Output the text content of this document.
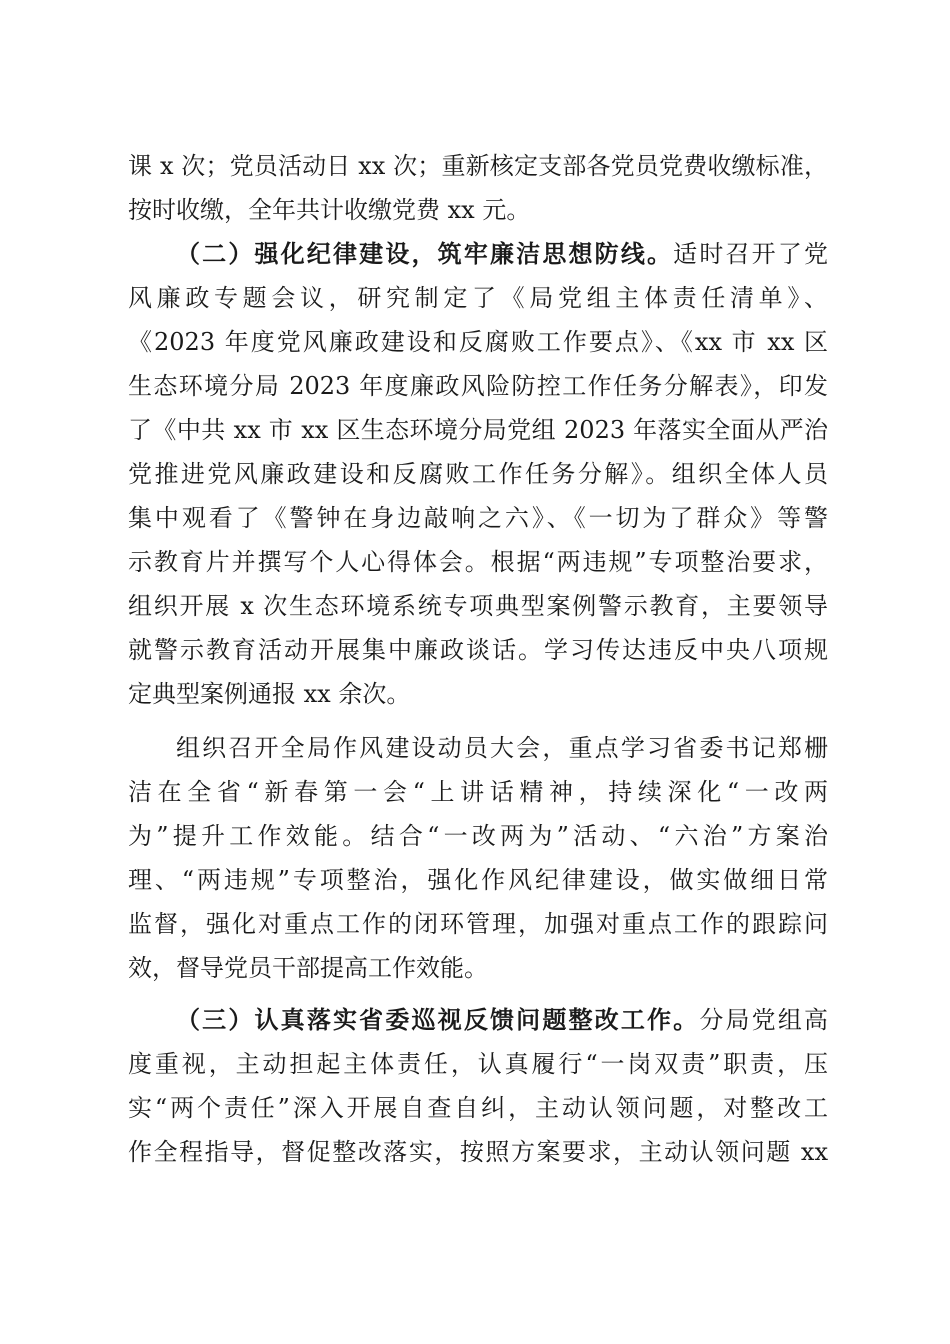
课 x 次；党员活动日 xx 次；重新核定支部各党员党费收缴标准，
按时收缴，全年共计收缴党费 xx 元。
（二）强化纪律建设，筑牢廉洁思想防线。适时召开了党
风廉政专题会议，研究制定了《局党组主体责任清单》、
《2023 年度党风廉政建设和反腐败工作要点》、《xx 市 xx 区
生态环境分局 2023 年度廉政风险防控工作任务分解表》，印发
了《中共 xx 市 xx 区生态环境分局党组 2023 年落实全面从严治
党推进党风廉政建设和反腐败工作任务分解》。组织全体人员
集中观看了《警钟在身边敲响之六》、《一切为了群众》等警
示教育片并撰写个人心得体会。根据“两违规”专项整治要求，
组织开展 x 次生态环境系统专项典型案例警示教育，主要领导
就警示教育活动开展集中廉政谈话。学习传达违反中央八项规
定典型案例通报 xx 余次。
组织召开全局作风建设动员大会，重点学习省委书记郑栅
洁在全省“新春第一会“上讲话精神，持续深化“一改两
为”提升工作效能。结合“一改两为”活动、“六治”方案治
理、“两违规”专项整治，强化作风纪律建设，做实做细日常
监督，强化对重点工作的闭环管理，加强对重点工作的跟踪问
效，督导党员干部提高工作效能。
（三）认真落实省委巡视反馈问题整改工作。分局党组高
度重视，主动担起主体责任，认真履行“一岗双责”职责，压
实“两个责任”深入开展自查自纠，主动认领问题，对整改工
作全程指导，督促整改落实，按照方案要求，主动认领问题 xx
